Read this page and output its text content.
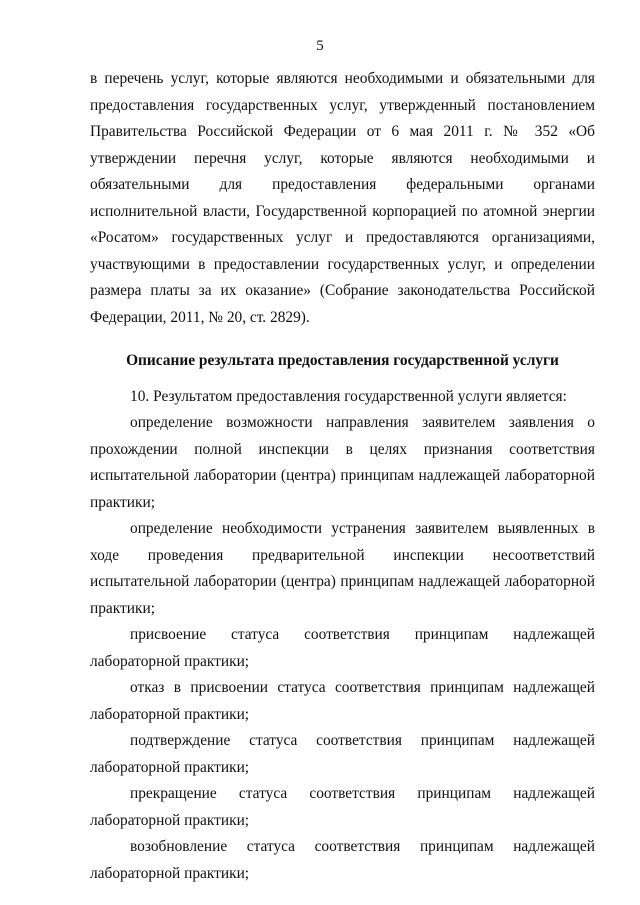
5

в перечень услуг, которые являются необходимыми и обязательными для предоставления государственных услуг, утвержденный постановлением Правительства Российской Федерации от 6 мая 2011 г. № 352 «Об утверждении перечня услуг, которые являются необходимыми и обязательными для предоставления федеральными органами исполнительной власти, Государственной корпорацией по атомной энергии «Росатом» государственных услуг и предоставляются организациями, участвующими в предоставлении государственных услуг, и определении размера платы за их оказание» (Собрание законодательства Российской Федерации, 2011, № 20, ст. 2829).

Описание результата предоставления государственной услуги

10. Результатом предоставления государственной услуги является:

определение возможности направления заявителем заявления о прохождении полной инспекции в целях признания соответствия испытательной лаборатории (центра) принципам надлежащей лабораторной практики;

определение необходимости устранения заявителем выявленных в ходе проведения предварительной инспекции несоответствий испытательной лаборатории (центра) принципам надлежащей лабораторной практики;

присвоение статуса соответствия принципам надлежащей лабораторной практики;

отказ в присвоении статуса соответствия принципам надлежащей лабораторной практики;

подтверждение статуса соответствия принципам надлежащей лабораторной практики;

прекращение статуса соответствия принципам надлежащей лабораторной практики;

возобновление статуса соответствия принципам надлежащей лабораторной практики;
